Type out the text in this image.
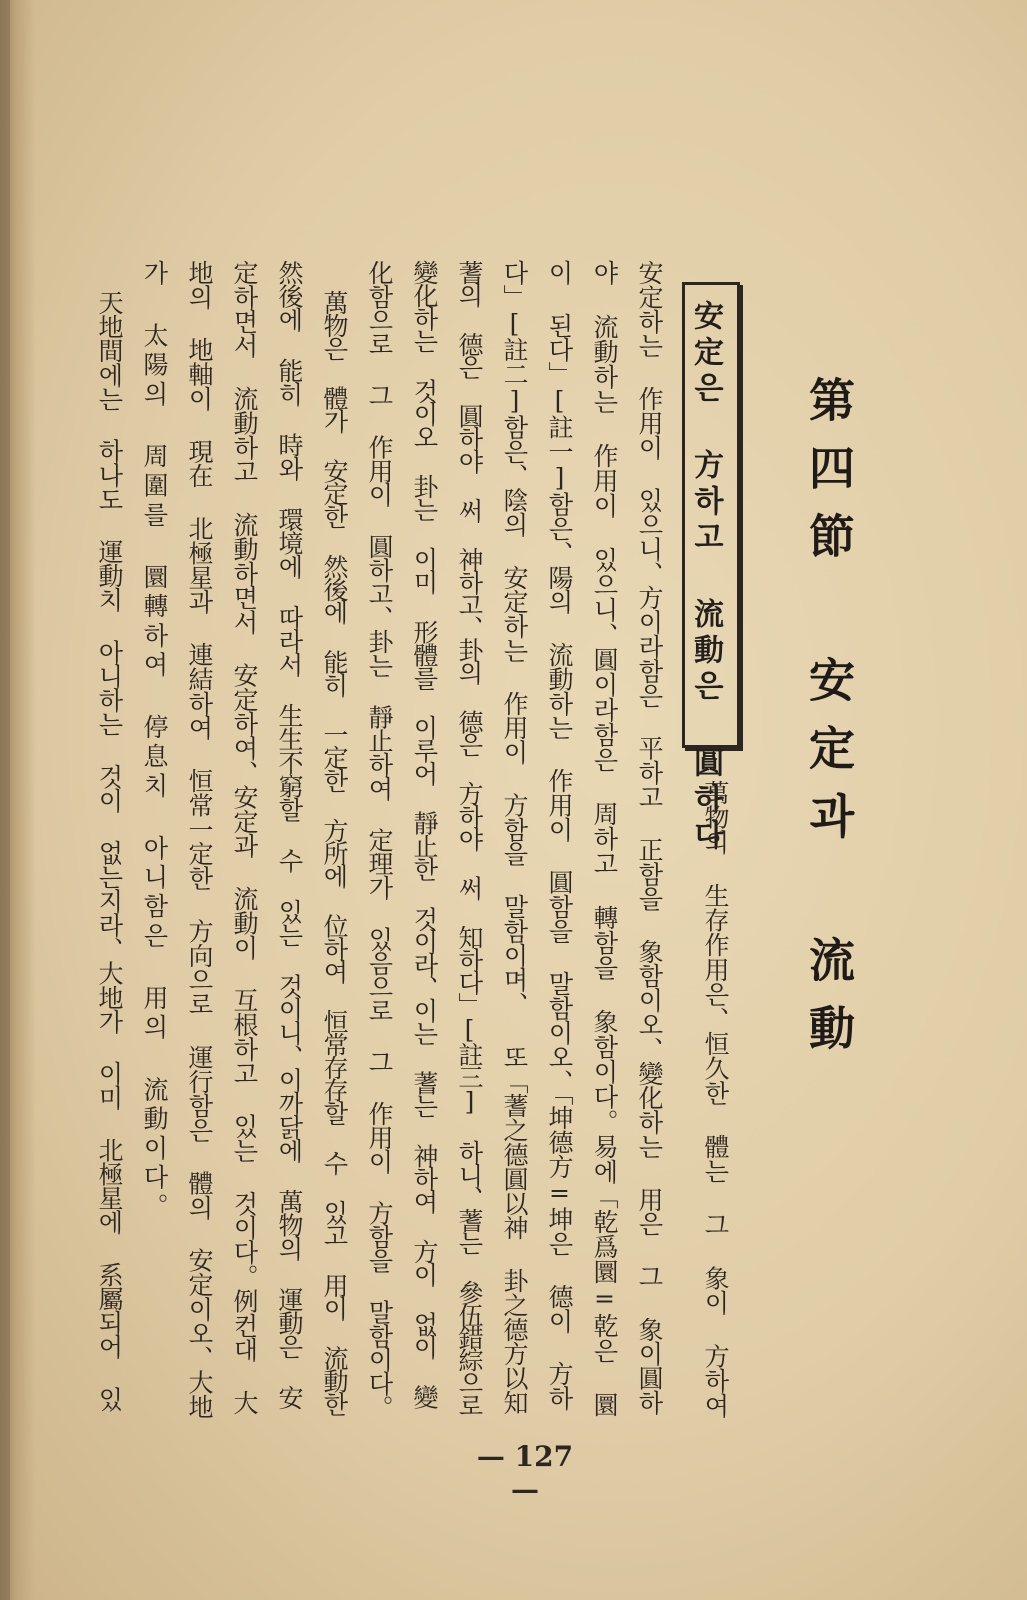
第四節 安定과 流動
安定은 方하고 流動은 圓하다

萬物의 生存作用은、恒久한 體는 그 象이 方하여

安定하는 作用이 있으니、方이라함은 平하고 正함을 象함이오、變化하는 用은 그 象이圓하

야 流動하는 作用이 있으니、圓이라함은 周하고 轉함을 象함이다。易에「乾爲圜=乾은 圜

이 된다」[註一]함은、陽의 流動하는 作用이 圓함을 말함이오、「坤德方=坤은 德이 方하

다」[註二]함은、陰의 安定하는 作用이 方함을 말함이며、 또「蓍之德圓以神 卦之德方以知

蓍의 德은 圓하야 써 神하고、卦의 德은 方하야 써 知하다」[註三] 하니、蓍는 參伍錯綜으로

變化하는 것이오 卦는 이미 形體를 이루어 靜止한 것이라、이는 蓍는 神하여 方이 없이 變

化함으로 그 作用이 圓하고、卦는 靜止하여 定理가 있음으로 그 作用이 方함을 말함이다。

萬物은 體가 安定한 然後에 能히 一定한 方所에 位하여 恒常存存할 수 있고 用이 流動한

然後에 能히 時와 環境에 따라서 生生不窮할 수 있는 것이니、이까닭에 萬物의 運動은 安

定하면서 流動하고 流動하면서 安定하여、安定과 流動이 互根하고 있는 것이다。例컨대 大

地의 地軸이 現在 北極星과 連結하여 恒常一定한 方向으로 運行함은 體의 安定이오、大地

가 太陽의 周圍를 圜轉하여 停息치 아니함은 用의 流動이다。

天地間에는 하나도 運動치 아니하는 것이 없는지라、大地가 이미 北極星에 系屬되어 있

— 127 —
